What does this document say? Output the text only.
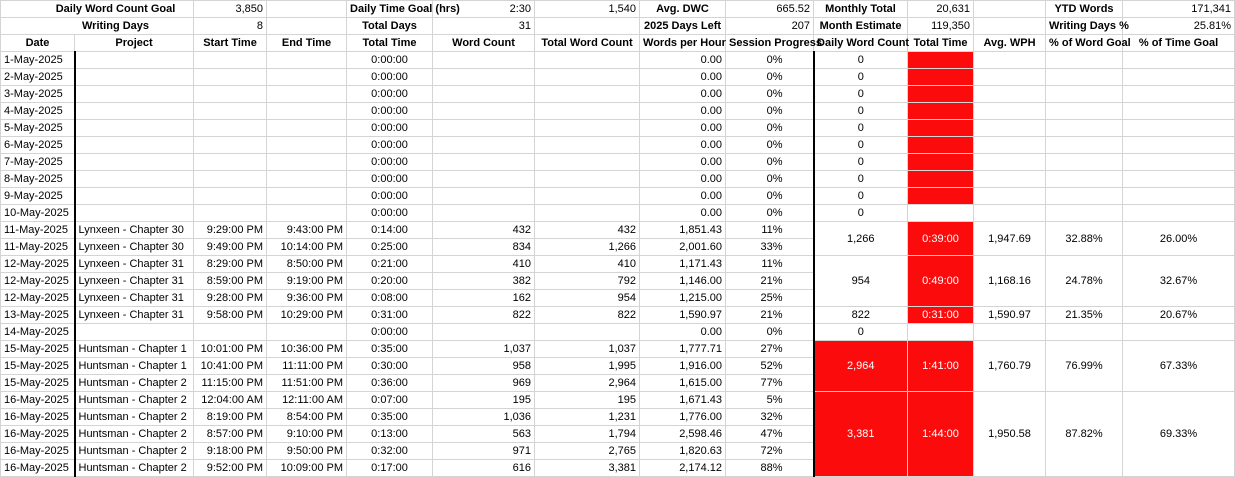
Daily Word Count Goal		3,850		Daily Time Goal (hrs)	2:30	1,540	Avg. DWC	665.52	Monthly Total	20,631		YTD Words	171,341
Writing Days		8		Total Days	31		2025 Days Left	207	Month Estimate	119,350		Writing Days %	25.81%
Date	Project	Start Time	End Time	Total Time	Word Count	Total Word Count	Words per Hour	Session Progress	Daily Word Count	Total Time	Avg. WPH	% of Word Goal	% of Time Goal
1-May-2025				0:00:00			0.00	0%	0				
2-May-2025				0:00:00			0.00	0%	0				
3-May-2025				0:00:00			0.00	0%	0				
4-May-2025				0:00:00			0.00	0%	0				
5-May-2025				0:00:00			0.00	0%	0				
6-May-2025				0:00:00			0.00	0%	0				
7-May-2025				0:00:00			0.00	0%	0				
8-May-2025				0:00:00			0.00	0%	0				
9-May-2025				0:00:00			0.00	0%	0				
10-May-2025				0:00:00			0.00	0%	0				
11-May-2025	Lynxeen - Chapter 30	9:29:00 PM	9:43:00 PM	0:14:00	432	432	1,851.43	11%	1,266	0:39:00	1,947.69	32.88%	26.00%
11-May-2025	Lynxeen - Chapter 30	9:49:00 PM	10:14:00 PM	0:25:00	834	1,266	2,001.60	33%					
12-May-2025	Lynxeen - Chapter 31	8:29:00 PM	8:50:00 PM	0:21:00	410	410	1,171.43	11%	954	0:49:00	1,168.16	24.78%	32.67%
12-May-2025	Lynxeen - Chapter 31	8:59:00 PM	9:19:00 PM	0:20:00	382	792	1,146.00	21%					
12-May-2025	Lynxeen - Chapter 31	9:28:00 PM	9:36:00 PM	0:08:00	162	954	1,215.00	25%					
13-May-2025	Lynxeen - Chapter 31	9:58:00 PM	10:29:00 PM	0:31:00	822	822	1,590.97	21%	822	0:31:00	1,590.97	21.35%	20.67%
14-May-2025				0:00:00			0.00	0%	0				
15-May-2025	Huntsman - Chapter 1	10:01:00 PM	10:36:00 PM	0:35:00	1,037	1,037	1,777.71	27%	2,964	1:41:00	1,760.79	76.99%	67.33%
15-May-2025	Huntsman - Chapter 1	10:41:00 PM	11:11:00 PM	0:30:00	958	1,995	1,916.00	52%					
15-May-2025	Huntsman - Chapter 2	11:15:00 PM	11:51:00 PM	0:36:00	969	2,964	1,615.00	77%					
16-May-2025	Huntsman - Chapter 2	12:04:00 AM	12:11:00 AM	0:07:00	195	195	1,671.43	5%	3,381	1:44:00	1,950.58	87.82%	69.33%
16-May-2025	Huntsman - Chapter 2	8:19:00 PM	8:54:00 PM	0:35:00	1,036	1,231	1,776.00	32%					
16-May-2025	Huntsman - Chapter 2	8:57:00 PM	9:10:00 PM	0:13:00	563	1,794	2,598.46	47%					
16-May-2025	Huntsman - Chapter 2	9:18:00 PM	9:50:00 PM	0:32:00	971	2,765	1,820.63	72%					
16-May-2025	Huntsman - Chapter 2	9:52:00 PM	10:09:00 PM	0:17:00	616	3,381	2,174.12	88%					
